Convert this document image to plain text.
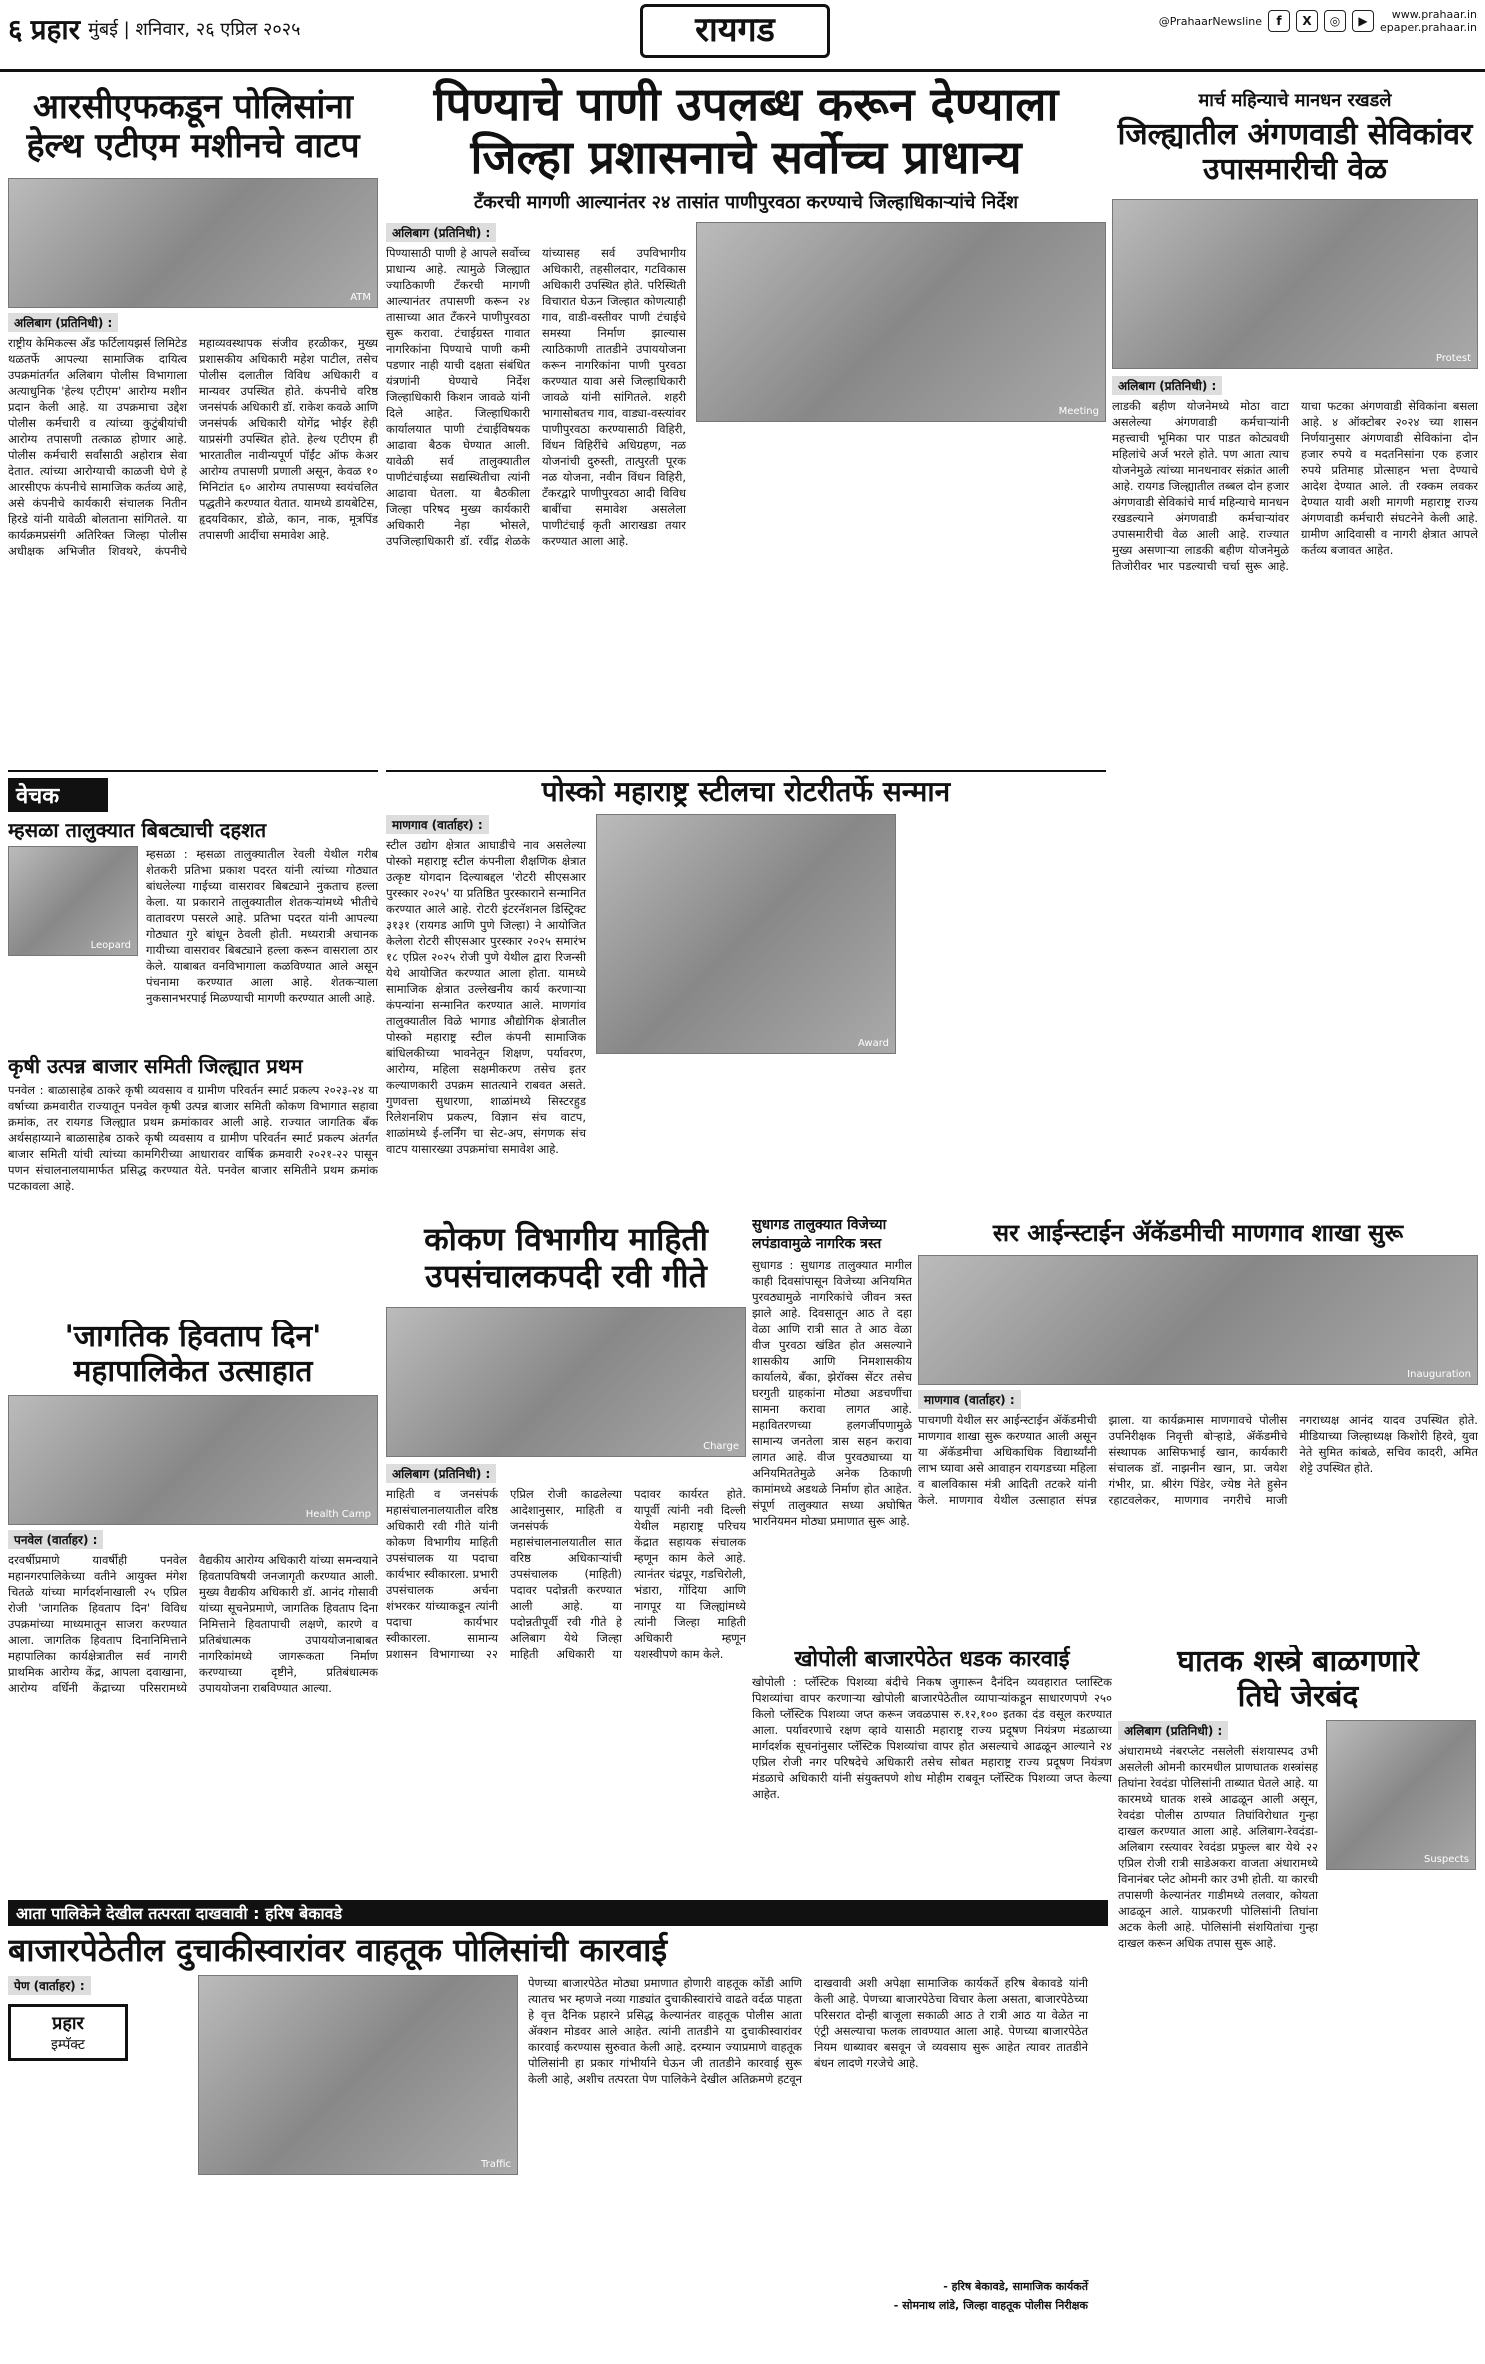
६ प्रहार मुंबई | शनिवार, २६ एप्रिल २०२५	रायगड	@PrahaarNewsline	f	X	◎	▶	www.prahaar.in
epaper.prahaar.in
आरसीएफकडून पोलिसांना हेल्थ एटीएम मशीनचे वाटप
ATM
अलिबाग (प्रतिनिधी) :
राष्ट्रीय केमिकल्स अँड फर्टिलायझर्स लिमिटेड थळतर्फे आपल्या सामाजिक दायित्व उपक्रमांतर्गत अलिबाग पोलीस विभागाला अत्याधुनिक 'हेल्थ एटीएम' आरोग्य मशीन प्रदान केली आहे. या उपक्रमाचा उद्देश पोलीस कर्मचारी व त्यांच्या कुटुंबीयांची आरोग्य तपासणी तत्काळ होणार आहे. पोलीस कर्मचारी सर्वांसाठी अहोरात्र सेवा देतात. त्यांच्या आरोग्याची काळजी घेणे हे आरसीएफ कंपनीचे सामाजिक कर्तव्य आहे, असे कंपनीचे कार्यकारी संचालक नितीन हिरडे यांनी यावेळी बोलताना सांगितले. या कार्यक्रमप्रसंगी अतिरिक्त जिल्हा पोलीस अधीक्षक अभिजीत शिवथरे, कंपनीचे महाव्यवस्थापक संजीव हरळीकर, मुख्य प्रशासकीय अधिकारी महेश पाटील, तसेच पोलीस दलातील विविध अधिकारी व मान्यवर उपस्थित होते. कंपनीचे वरिष्ठ जनसंपर्क अधिकारी डॉ. राकेश कवळे आणि जनसंपर्क अधिकारी योगेंद्र भोईर हेही याप्रसंगी उपस्थित होते. हेल्थ एटीएम ही भारतातील नावीन्यपूर्ण पॉईंट ऑफ केअर आरोग्य तपासणी प्रणाली असून, केवळ १० मिनिटांत ६० आरोग्य तपासण्या स्वयंचलित पद्धतीने करण्यात येतात. यामध्ये डायबेटिस, हृदयविकार, डोळे, कान, नाक, मूत्रपिंड तपासणी आदींचा समावेश आहे.
पिण्याचे पाणी उपलब्ध करून देण्याला
जिल्हा प्रशासनाचे सर्वोच्च प्राधान्य
टँकरची मागणी आल्यानंतर २४ तासांत पाणीपुरवठा करण्याचे जिल्हाधिकाऱ्यांचे निर्देश
अलिबाग (प्रतिनिधी) :
पिण्यासाठी पाणी हे आपले सर्वोच्च प्राधान्य आहे. त्यामुळे जिल्ह्यात ज्याठिकाणी टँकरची मागणी आल्यानंतर तपासणी करून २४ तासाच्या आत टँकरने पाणीपुरवठा सुरू करावा. टंचाईग्रस्त गावात नागरिकांना पिण्याचे पाणी कमी पडणार नाही याची दक्षता संबंधित यंत्रणांनी घेण्याचे निर्देश जिल्हाधिकारी किशन जावळे यांनी दिले आहेत. जिल्हाधिकारी कार्यालयात पाणी टंचाईविषयक आढावा बैठक घेण्यात आली. यावेळी सर्व तालुक्यातील पाणीटंचाईच्या सद्यस्थितीचा त्यांनी आढावा घेतला. या बैठकीला जिल्हा परिषद मुख्य कार्यकारी अधिकारी नेहा भोसले, उपजिल्हाधिकारी डॉ. रवींद्र शेळके यांच्यासह सर्व उपविभागीय अधिकारी, तहसीलदार, गटविकास अधिकारी उपस्थित होते. परिस्थिती विचारात घेऊन जिल्हात कोणत्याही गाव, वाडी-वस्तीवर पाणी टंचाईचे समस्या निर्माण झाल्यास त्याठिकाणी तातडीने उपाययोजना करून नागरिकांना पाणी पुरवठा करण्यात यावा असे जिल्हाधिकारी जावळे यांनी सांगितले. शहरी भागासोबतच गाव, वाड्या-वस्त्यांवर पाणीपुरवठा करण्यासाठी विहिरी, विंधन विहिरींचे अधिग्रहण, नळ योजनांची दुरुस्ती, तात्पुरती पूरक नळ योजना, नवीन विंधन विहिरी, टँकरद्वारे पाणीपुरवठा आदी विविध बाबींचा समावेश असलेला पाणीटंचाई कृती आराखडा तयार करण्यात आला आहे.
Meeting
मार्च महिन्याचे मानधन रखडले
जिल्ह्यातील अंगणवाडी सेविकांवर उपासमारीची वेळ
Protest
अलिबाग (प्रतिनिधी) :
लाडकी बहीण योजनेमध्ये मोठा वाटा असलेल्या अंगणवाडी कर्मचाऱ्यांनी महत्त्वाची भूमिका पार पाडत कोट्यवधी महिलांचे अर्ज भरले होते. पण आता त्याच योजनेमुळे त्यांच्या मानधनावर संक्रांत आली आहे. रायगड जिल्ह्यातील तब्बल दोन हजार अंगणवाडी सेविकांचे मार्च महिन्याचे मानधन रखडल्याने अंगणवाडी कर्मचाऱ्यांवर उपासमारीची वेळ आली आहे. राज्यात मुख्य असणाऱ्या लाडकी बहीण योजनेमुळे तिजोरीवर भार पडल्याची चर्चा सुरू आहे. याचा फटका अंगणवाडी सेविकांना बसला आहे. ४ ऑक्टोबर २०२४ च्या शासन निर्णयानुसार अंगणवाडी सेविकांना दोन हजार रुपये व मदतनिसांना एक हजार रुपये प्रतिमाह प्रोत्साहन भत्ता देण्याचे आदेश देण्यात आले. ती रक्कम लवकर देण्यात यावी अशी मागणी महाराष्ट्र राज्य अंगणवाडी कर्मचारी संघटनेने केली आहे. ग्रामीण आदिवासी व नागरी क्षेत्रात आपले कर्तव्य बजावत आहेत.
वेचक
म्हसळा तालुक्यात बिबट्याची दहशत
Leopard
म्हसळा : म्हसळा तालुक्यातील रेवली येथील गरीब शेतकरी प्रतिभा प्रकाश पदरत यांनी त्यांच्या गोठ्यात बांधलेल्या गाईच्या वासरावर बिबट्याने नुकताच हल्ला केला. या प्रकाराने तालुक्यातील शेतकऱ्यांमध्ये भीतीचे वातावरण पसरले आहे. प्रतिभा पदरत यांनी आपल्या गोठ्यात गुरे बांधून ठेवली होती. मध्यरात्री अचानक गायीच्या वासरावर बिबट्याने हल्ला करून वासराला ठार केले. याबाबत वनविभागाला कळविण्यात आले असून पंचनामा करण्यात आला आहे. शेतकऱ्याला नुकसानभरपाई मिळण्याची मागणी करण्यात आली आहे.
कृषी उत्पन्न बाजार समिती जिल्ह्यात प्रथम
पनवेल : बाळासाहेब ठाकरे कृषी व्यवसाय व ग्रामीण परिवर्तन स्मार्ट प्रकल्प २०२३-२४ या वर्षाच्या क्रमवारीत राज्यातून पनवेल कृषी उत्पन्न बाजार समिती कोकण विभागात सहावा क्रमांक, तर रायगड जिल्ह्यात प्रथम क्रमांकावर आली आहे. राज्यात जागतिक बँक अर्थसहाय्याने बाळासाहेब ठाकरे कृषी व्यवसाय व ग्रामीण परिवर्तन स्मार्ट प्रकल्प अंतर्गत बाजार समिती यांची त्यांच्या कामगिरीच्या आधारावर वार्षिक क्रमवारी २०२१-२२ पासून पणन संचालनालयामार्फत प्रसिद्ध करण्यात येते. पनवेल बाजार समितीने प्रथम क्रमांक पटकावला आहे.
पोस्को महाराष्ट्र स्टीलचा रोटरीतर्फे सन्मान
माणगाव (वार्ताहर) :
स्टील उद्योग क्षेत्रात आघाडीचे नाव असलेल्या पोस्को महाराष्ट्र स्टील कंपनीला शैक्षणिक क्षेत्रात उत्कृष्ट योगदान दिल्याबद्दल 'रोटरी सीएसआर पुरस्कार २०२५' या प्रतिष्ठित पुरस्काराने सन्मानित करण्यात आले आहे. रोटरी इंटरनॅशनल डिस्ट्रिक्ट ३१३१ (रायगड आणि पुणे जिल्हा) ने आयोजित केलेला रोटरी सीएसआर पुरस्कार २०२५ समारंभ १८ एप्रिल २०२५ रोजी पुणे येथील द्वारा रिजन्सी येथे आयोजित करण्यात आला होता. यामध्ये सामाजिक क्षेत्रात उल्लेखनीय कार्य करणाऱ्या कंपन्यांना सन्मानित करण्यात आले. माणगांव तालुक्यातील विळे भागाड औद्योगिक क्षेत्रातील पोस्को महाराष्ट्र स्टील कंपनी सामाजिक बांधिलकीच्या भावनेतून शिक्षण, पर्यावरण, आरोग्य, महिला सक्षमीकरण तसेच इतर कल्याणकारी उपक्रम सातत्याने राबवत असते. गुणवत्ता सुधारणा, शाळांमध्ये सिस्टरहुड रिलेशनशिप प्रकल्प, विज्ञान संच वाटप, शाळांमध्ये ई-लर्निंग चा सेट-अप, संगणक संच वाटप यासारख्या उपक्रमांचा समावेश आहे.
Award
कोकण विभागीय माहिती उपसंचालकपदी रवी गीते
Charge
अलिबाग (प्रतिनिधी) :
माहिती व जनसंपर्क महासंचालनालयातील वरिष्ठ अधिकारी रवी गीते यांनी कोकण विभागीय माहिती उपसंचालक या पदाचा कार्यभार स्वीकारला. प्रभारी उपसंचालक अर्चना शंभरकर यांच्याकडून त्यांनी पदाचा कार्यभार स्वीकारला. सामान्य प्रशासन विभागाच्या २२ एप्रिल रोजी काढलेल्या आदेशानुसार, माहिती व जनसंपर्क महासंचालनालयातील सात वरिष्ठ अधिकाऱ्यांची उपसंचालक (माहिती) पदावर पदोन्नती करण्यात आली आहे. या पदोन्नतीपूर्वी रवी गीते हे अलिबाग येथे जिल्हा माहिती अधिकारी या पदावर कार्यरत होते. यापूर्वी त्यांनी नवी दिल्ली येथील महाराष्ट्र परिचय केंद्रात सहायक संचालक म्हणून काम केले आहे. त्यानंतर चंद्रपूर, गडचिरोली, भंडारा, गोंदिया आणि नागपूर या जिल्ह्यांमध्ये त्यांनी जिल्हा माहिती अधिकारी म्हणून यशस्वीपणे काम केले.
सुधागड तालुक्यात विजेच्या
लपंडावामुळे नागरिक त्रस्त
सुधागड : सुधागड तालुक्यात मागील काही दिवसांपासून विजेच्या अनियमित पुरवठ्यामुळे नागरिकांचे जीवन त्रस्त झाले आहे. दिवसातून आठ ते दहा वेळा आणि रात्री सात ते आठ वेळा वीज पुरवठा खंडित होत असल्याने शासकीय आणि निमशासकीय कार्यालये, बँका, झेरॉक्स सेंटर तसेच घरगुती ग्राहकांना मोठ्या अडचणींचा सामना करावा लागत आहे. महावितरणच्या हलगर्जीपणामुळे सामान्य जनतेला त्रास सहन करावा लागत आहे. वीज पुरवठ्याच्या या अनियमिततेमुळे अनेक ठिकाणी कामांमध्ये अडथळे निर्माण होत आहेत. संपूर्ण तालुक्यात सध्या अघोषित भारनियमन मोठ्या प्रमाणात सुरू आहे.
सर आईन्स्टाईन ॲकॅडमीची माणगाव शाखा सुरू
Inauguration
माणगाव (वार्ताहर) :
पाचगणी येथील सर आईन्स्टाईन ॲकॅडमीची माणगाव शाखा सुरू करण्यात आली असून या ॲकॅडमीचा अधिकाधिक विद्यार्थ्यांनी लाभ घ्यावा असे आवाहन रायगडच्या महिला व बालविकास मंत्री आदिती तटकरे यांनी केले. माणगाव येथील उत्साहात संपन्न झाला. या कार्यक्रमास माणगावचे पोलीस उपनिरीक्षक निवृत्ती बोऱ्हाडे, ॲकॅडमीचे संस्थापक आसिफभाई खान, कार्यकारी संचालक डॉ. नाझनीन खान, प्रा. जयेश गंभीर, प्रा. श्रीरंग पिंडेर, ज्येष्ठ नेते हुसेन रहाटवलेकर, माणगाव नगरीचे माजी नगराध्यक्ष आनंद यादव उपस्थित होते. मीडियाच्या जिल्हाध्यक्ष किशोरी हिरवे, युवा नेते सुमित कांबळे, सचिव कादरी, अमित शेट्टे उपस्थित होते.
'जागतिक हिवताप दिन'
महापालिकेत उत्साहात
Health Camp
पनवेल (वार्ताहर) :
दरवर्षीप्रमाणे यावर्षीही पनवेल महानगरपालिकेच्या वतीने आयुक्त मंगेश चितळे यांच्या मार्गदर्शनाखाली २५ एप्रिल रोजी 'जागतिक हिवताप दिन' विविध उपक्रमांच्या माध्यमातून साजरा करण्यात आला. जागतिक हिवताप दिनानिमित्ताने महापालिका कार्यक्षेत्रातील सर्व नागरी प्राथमिक आरोग्य केंद्र, आपला दवाखाना, आरोग्य वर्धिनी केंद्राच्या परिसरामध्ये वैद्यकीय आरोग्य अधिकारी यांच्या समन्वयाने हिवतापविषयी जनजागृती करण्यात आली. मुख्य वैद्यकीय अधिकारी डॉ. आनंद गोसावी यांच्या सूचनेप्रमाणे, जागतिक हिवताप दिना निमित्ताने हिवतापाची लक्षणे, कारणे व प्रतिबंधात्मक उपाययोजनाबाबत नागरिकांमध्ये जागरूकता निर्माण करण्याच्या दृष्टीने, प्रतिबंधात्मक उपाययोजना राबविण्यात आल्या.
खोपोली बाजारपेठेत धडक कारवाई
खोपोली : प्लॅस्टिक पिशव्या बंदीचे निकष जुगारून दैनंदिन व्यवहारात प्लास्टिक पिशव्यांचा वापर करणाऱ्या खोपोली बाजारपेठेतील व्यापाऱ्यांकडून साधारणपणे २५० किलो प्लॅस्टिक पिशव्या जप्त करून जवळपास रु.१२,१०० इतका दंड वसूल करण्यात आला. पर्यावरणाचे रक्षण व्हावे यासाठी महाराष्ट्र राज्य प्रदूषण नियंत्रण मंडळाच्या मार्गदर्शक सूचनांनुसार प्लॅस्टिक पिशव्यांचा वापर होत असल्याचे आढळून आल्याने २४ एप्रिल रोजी नगर परिषदेचे अधिकारी तसेच सोबत महाराष्ट्र राज्य प्रदूषण नियंत्रण मंडळाचे अधिकारी यांनी संयुक्तपणे शोध मोहीम राबवून प्लॅस्टिक पिशव्या जप्त केल्या आहेत.
घातक शस्त्रे बाळगणारे
तिघे जेरबंद
अलिबाग (प्रतिनिधी) :
अंधारामध्ये नंबरप्लेट नसलेली संशयास्पद उभी असलेली ओमनी कारमधील प्राणघातक शस्त्रांसह तिघांना रेवदंडा पोलिसांनी ताब्यात घेतले आहे. या कारमध्ये घातक शस्त्रे आढळून आली असून, रेवदंडा पोलीस ठाण्यात तिघांविरोधात गुन्हा दाखल करण्यात आला आहे. अलिबाग-रेवदंडा-अलिबाग रस्त्यावर रेवदंडा प्रफुल्ल बार येथे २२ एप्रिल रोजी रात्री साडेअकरा वाजता अंधारामध्ये विनानंबर प्लेट ओमनी कार उभी होती. या कारची तपासणी केल्यानंतर गाडीमध्ये तलवार, कोयता आढळून आले. याप्रकरणी पोलिसांनी तिघांना अटक केली आहे. पोलिसांनी संशयितांचा गुन्हा दाखल करून अधिक तपास सुरू आहे.
Suspects
आता पालिकेने देखील तत्परता दाखवावी : हरिष बेकावडे
बाजारपेठेतील दुचाकीस्वारांवर वाहतूक पोलिसांची कारवाई
पेण (वार्ताहर) :
प्रहार
इम्पॅक्ट
Traffic
पेणच्या बाजारपेठेत मोठ्या प्रमाणात होणारी वाहतूक कोंडी आणि त्यातच भर म्हणजे नव्या गाड्यांत दुचाकीस्वारांचे वाढते वर्दळ पाहता हे वृत्त दैनिक प्रहारने प्रसिद्ध केल्यानंतर वाहतूक पोलीस आता ॲक्शन मोडवर आले आहेत. त्यांनी तातडीने या दुचाकीस्वारांवर कारवाई करण्यास सुरुवात केली आहे. दरम्यान ज्याप्रमाणे वाहतूक पोलिसांनी हा प्रकार गांभीर्याने घेऊन जी तातडीने कारवाई सुरू केली आहे, अशीच तत्परता पेण पालिकेने देखील अतिक्रमणे हटवून दाखवावी अशी अपेक्षा सामाजिक कार्यकर्ते हरिष बेकावडे यांनी केली आहे. पेणच्या बाजारपेठेचा विचार केला असता, बाजारपेठेच्या परिसरात दोन्ही बाजूला सकाळी आठ ते रात्री आठ या वेळेत ना एंट्री असल्याचा फलक लावण्यात आला आहे. पेणच्या बाजारपेठेत नियम धाब्यावर बसवून जे व्यवसाय सुरू आहेत त्यावर तातडीने बंधन लादणे गरजेचे आहे.
- हरिष बेकावडे, सामाजिक कार्यकर्ते
- सोमनाथ लांडे, जिल्हा वाहतूक पोलीस निरीक्षक
